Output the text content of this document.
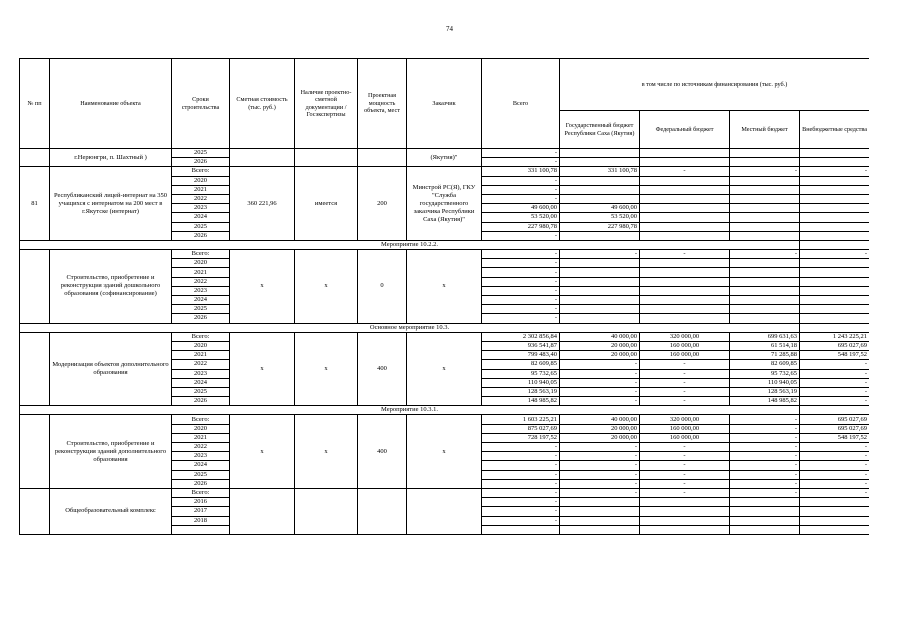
74
№ пп	Наименование объекта	Сроки строительства	Сметная стоимость (тыс. руб.)	Наличие проектно-сметной документации /Госэкспертизы	Проектная мощность объекта, мест	Заказчик	Всего	в том числе по источникам финансирования (тыс. руб.)			
								Государственный бюджет Республики Саха (Якутия)	Федеральный бюджет	Местный бюджет	Внебюджетные средства
	г.Нерюнгри, п. Шахтный )	2025				(Якутия)"	-				
		2026					-				
81	Республиканский лицей-интернат на 350 учащихся с интернатом на 200 мест в г.Якутске (интернат)	Всего:	360 221,96	имеется	200	Минстрой РС(Я), ГКУ "Служба государственного заказчика Республики Саха (Якутия)"	331 100,78	331 100,78	-	-	-
		2020					-				
		2021					-				
		2022					-				
		2023					49 600,00	49 600,00			
		2024					53 520,00	53 520,00			
		2025					227 980,78	227 980,78			
		2026					-				
Мероприятие 10.2.2.											
	Строительство, приобретение и реконструкция зданий дошкольного образования (софинансирование)	Всего:	x	x	0	x	-	-	-	-	-
		2020					-				
		2021					-				
		2022					-				
		2023					-				
		2024					-				
		2025					-				
		2026					-				
Основное мероприятие 10.3.											
	Модернизация объектов дополнительного образования	Всего:	x	x	400	x	2 302 856,84	40 000,00	320 000,00	699 631,63	1 243 225,21
		2020					936 541,87	20 000,00	160 000,00	61 514,18	695 027,69
		2021					799 483,40	20 000,00	160 000,00	71 285,88	548 197,52
		2022					82 609,85	-	-	82 609,85	-
		2023					95 732,65	-	-	95 732,65	-
		2024					110 940,05	-	-	110 940,05	-
		2025					128 563,19	-	-	128 563,19	-
		2026					148 985,82	-	-	148 985,82	-
Мероприятие 10.3.1.											
	Строительство, приобретение и реконструкция зданий дополнительного образования	Всего:	x	x	400	x	1 603 225,21	40 000,00	320 000,00	-	695 027,69
		2020					875 027,69	20 000,00	160 000,00	-	695 027,69
		2021					728 197,52	20 000,00	160 000,00	-	548 197,52
		2022					-	-	-	-	-
		2023					-	-	-	-	-
		2024					-	-	-	-	-
		2025					-	-	-	-	-
		2026					-	-	-	-	-
	Общеобразовательный комплекс	Всего:					-	-	-	-	-
		2016					-				
		2017					-				
		2018					-				
